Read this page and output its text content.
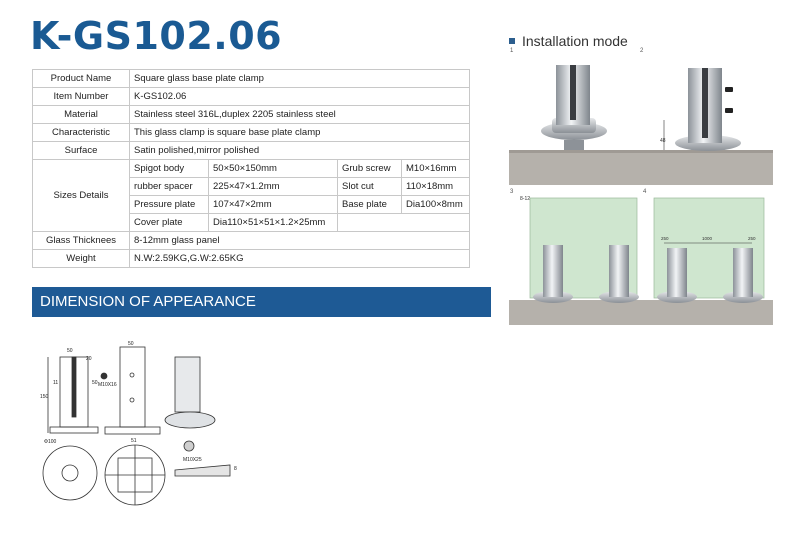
K-GS102.06
Product Name	Square glass base plate clamp			
Item Number	K-GS102.06			
Material	Stainless steel 316L,duplex 2205 stainless steel			
Characteristic	This glass clamp is square base plate clamp			
Surface	Satin polished,mirror polished			
Sizes Details	Spigot body	50×50×150mm	Grub screw	M10×16mm
	rubber spacer	225×47×1.2mm	Slot cut	110×18mm
	Pressure plate	107×47×2mm	Base plate	Dia100×8mm
	Cover plate	Dia110×51×51×1.2×25mm		
Glass Thicknees	8-12mm glass panel			
Weight	N.W:2.59KG,G.W:2.65KG			
DIMENSION OF APPEARANCE
Installation mode
1	2
3	4
48
8-12
250	1000	250
50
150
11	50
20
50
Φ100	51
M10X16
M10X25
8
